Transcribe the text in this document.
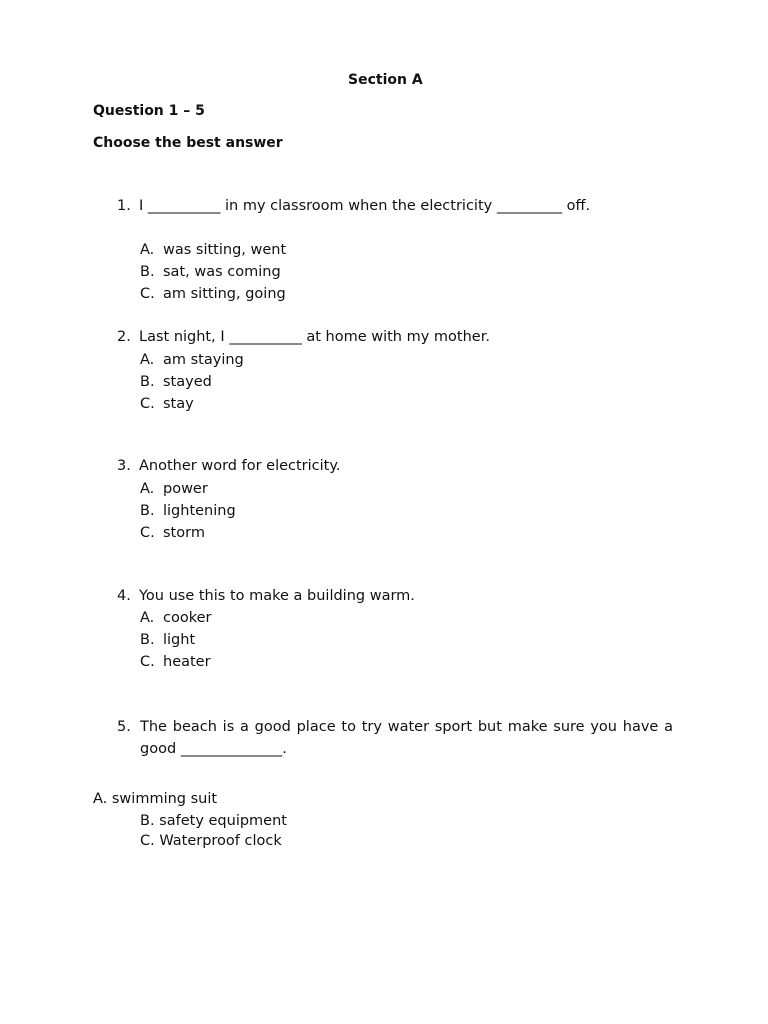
Section A
Question 1 – 5
Choose the best answer
1. I __________ in my classroom when the electricity _________ off.
A. was sitting, went
B. sat, was coming
C. am sitting, going
2. Last night, I __________ at home with my mother.
A. am staying
B. stayed
C. stay
3. Another word for electricity.
A. power
B. lightening
C. storm
4. You use this to make a building warm.
A. cooker
B. light
C. heater
5. The beach is a good place to try water sport but make sure you have a
good ______________.
A. swimming suit
B. safety equipment
C. Waterproof clock
